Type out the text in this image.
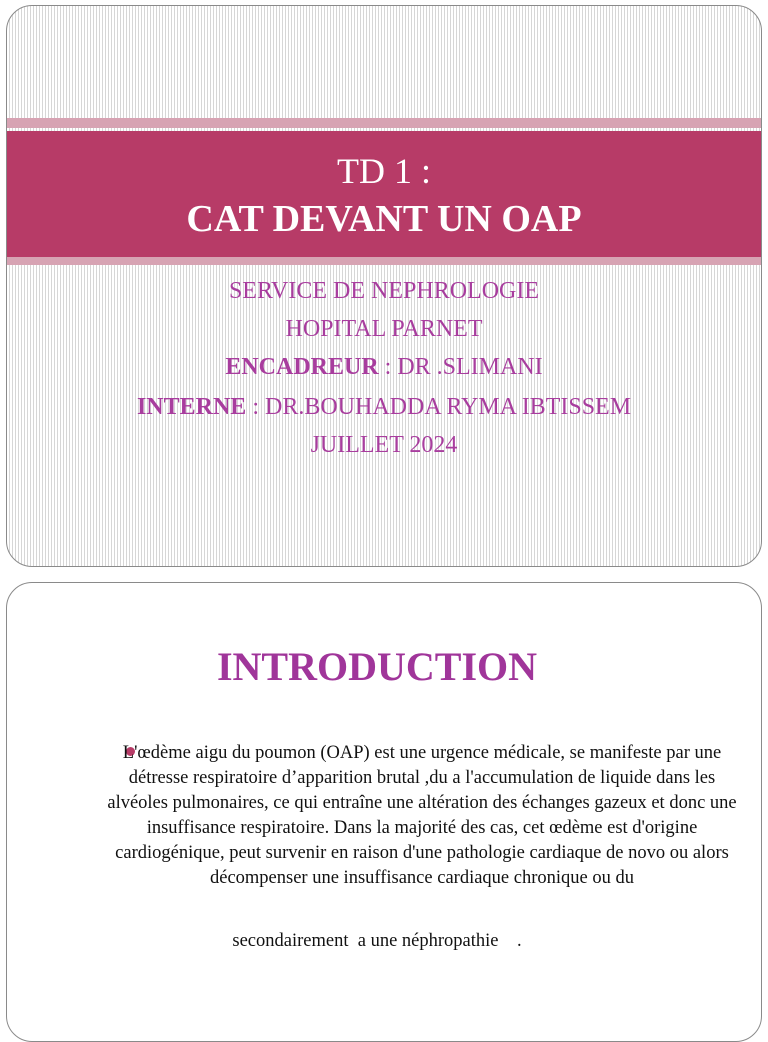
TD 1 :
CAT DEVANT UN OAP
SERVICE DE NEPHROLOGIE
HOPITAL PARNET
ENCADREUR : DR .SLIMANI
INTERNE : DR.BOUHADDA RYMA IBTISSEM
JUILLET 2024
INTRODUCTION
L'œdème aigu du poumon (OAP) est une urgence médicale, se manifeste par une détresse respiratoire d’apparition brutal ,du a l'accumulation de liquide dans les alvéoles pulmonaires, ce qui entraîne une altération des échanges gazeux et donc une insuffisance respiratoire. Dans la majorité des cas, cet œdème est d'origine cardiogénique, peut survenir en raison d'une pathologie cardiaque de novo ou alors décompenser une insuffisance cardiaque chronique ou du
secondairement  a une néphropathie    .
